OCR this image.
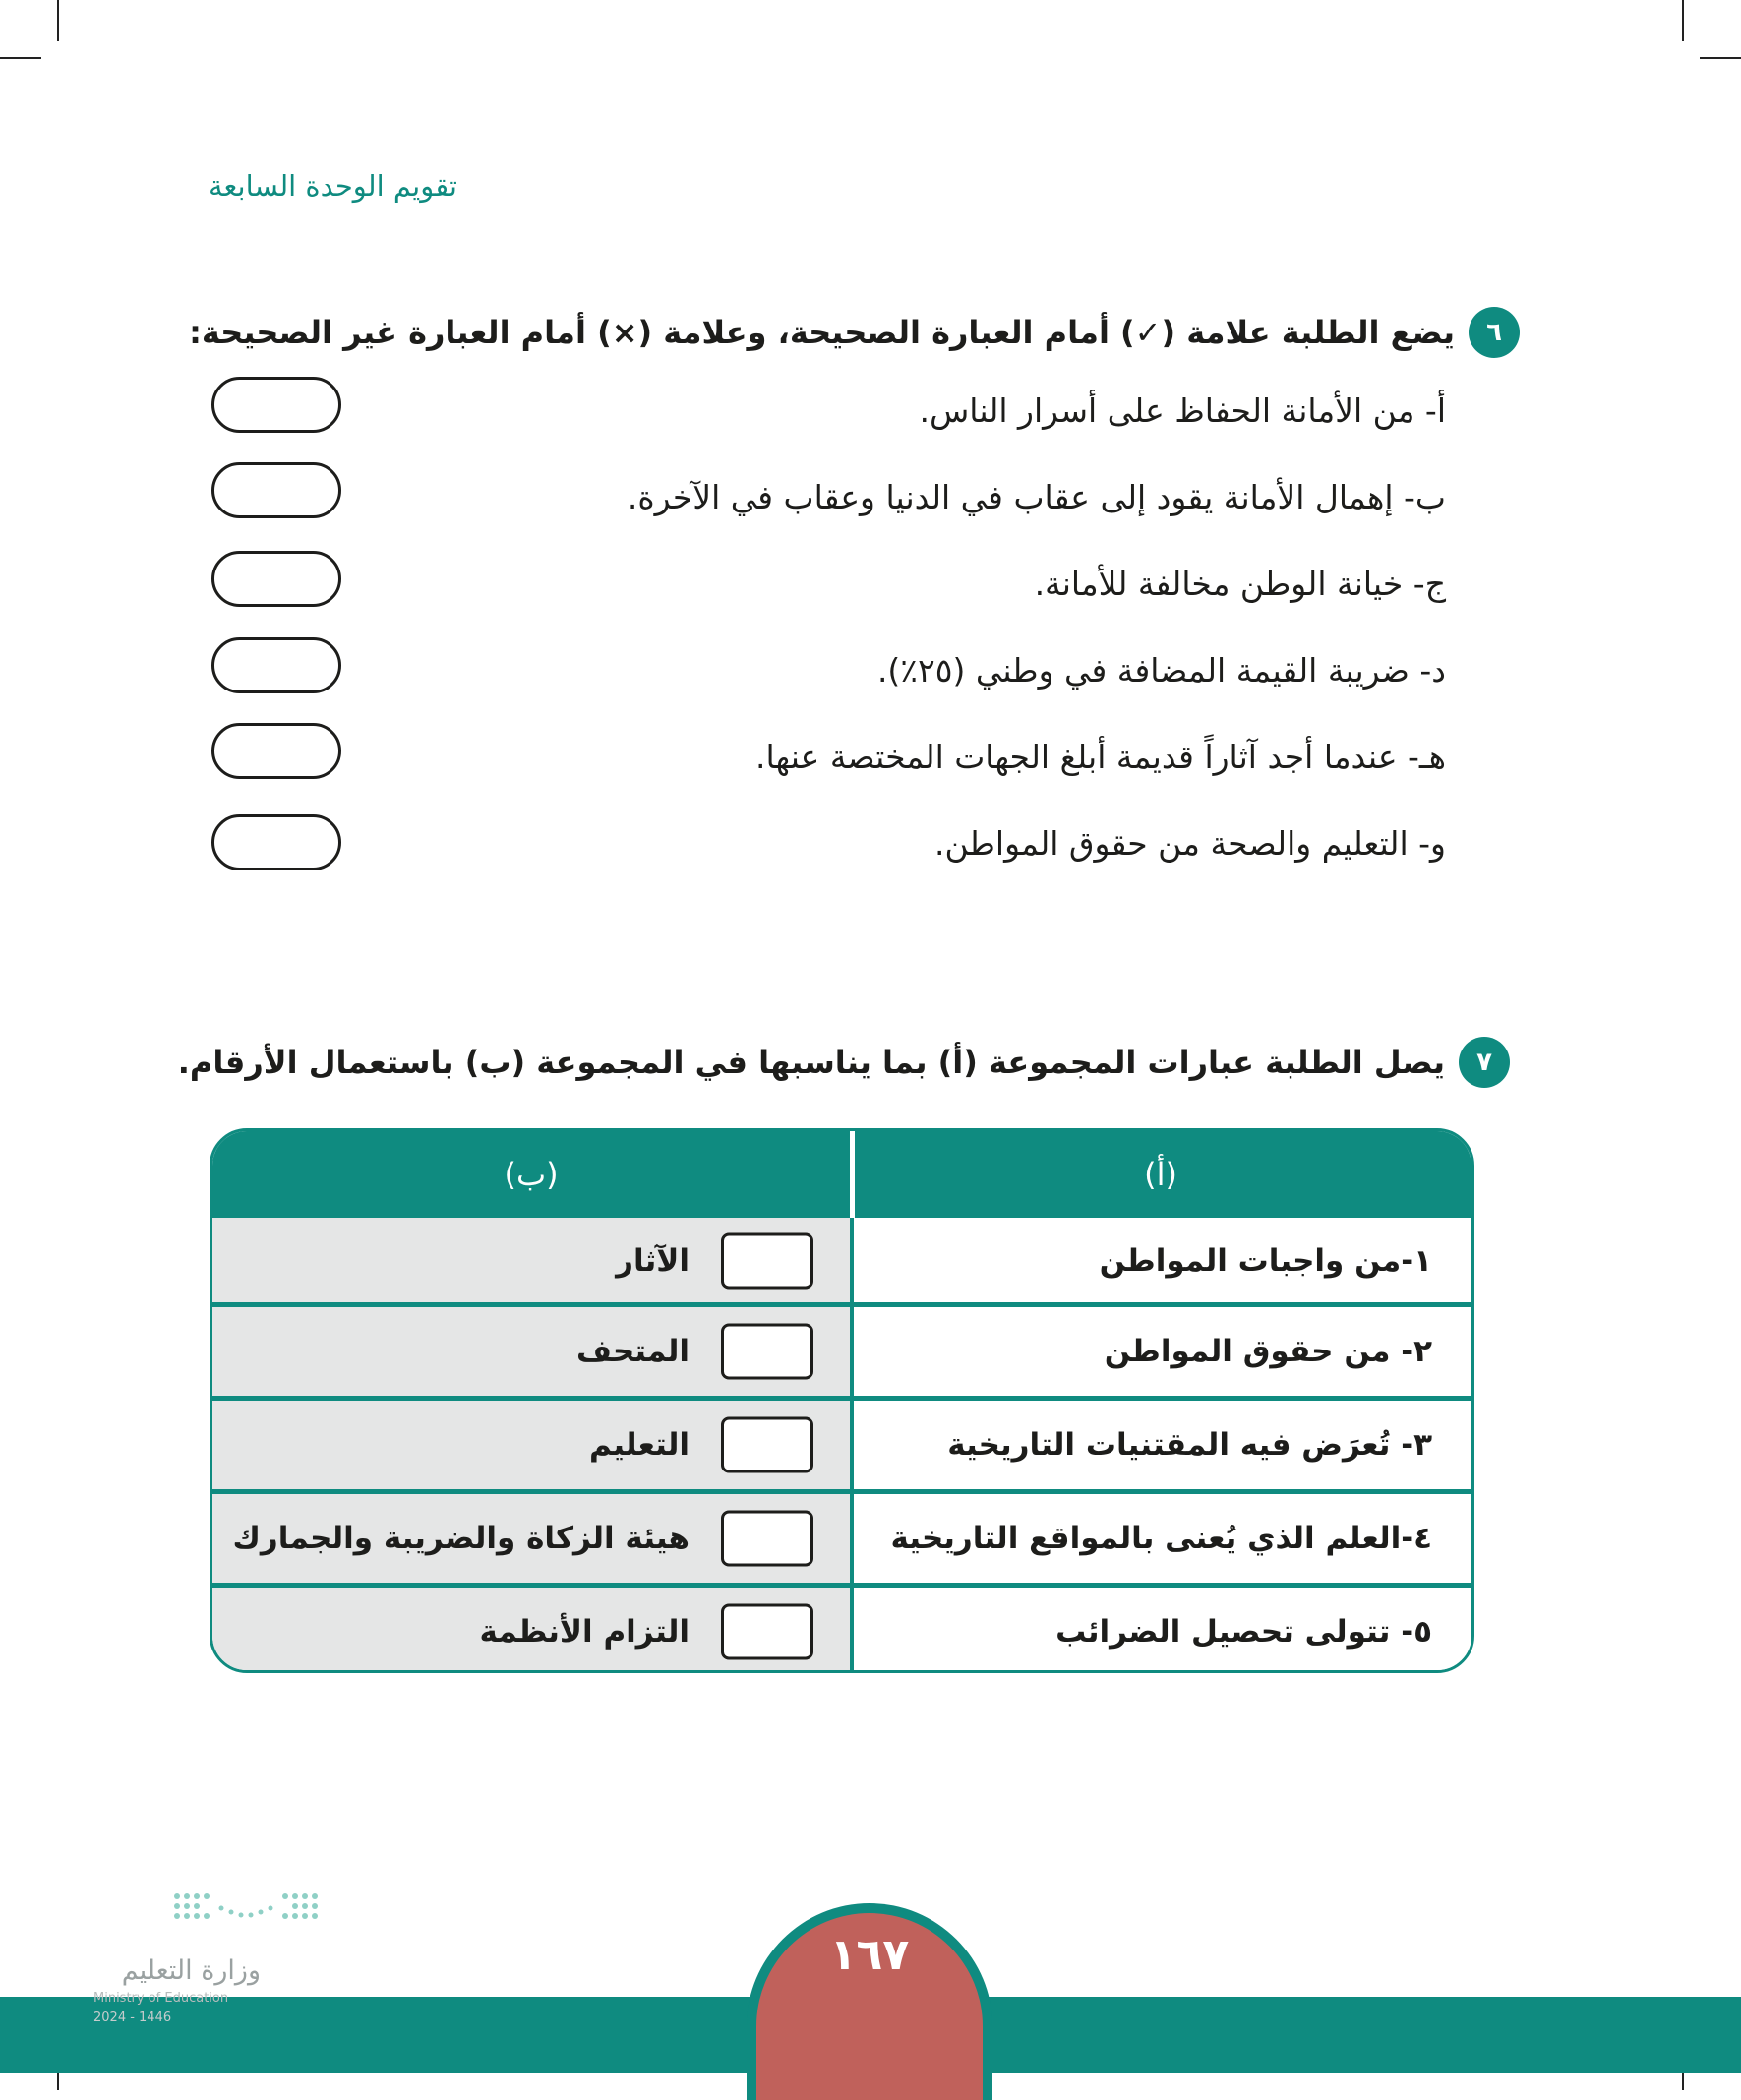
تقويم الوحدة السابعة
٦
يضع الطلبة علامة (✓) أمام العبارة الصحيحة، وعلامة (×) أمام العبارة غير الصحيحة:
أ- من الأمانة الحفاظ على أسرار الناس.
ب- إهمال الأمانة يقود إلى عقاب في الدنيا وعقاب في الآخرة.
ج- خيانة الوطن مخالفة للأمانة.
د- ضريبة القيمة المضافة في وطني (٢٥٪).
هـ- عندما أجد آثاراً قديمة أبلغ الجهات المختصة عنها.
و- التعليم والصحة من حقوق المواطن.
٧
يصل الطلبة عبارات المجموعة (أ) بما يناسبها في المجموعة (ب) باستعمال الأرقام.
(أ)
(ب)
الآثار	١-من واجبات المواطن
المتحف	٢- من حقوق المواطن
التعليم	٣- تُعرَض فيه المقتنيات التاريخية
هيئة الزكاة والضريبة والجمارك	٤-العلم الذي يُعنى بالمواقع التاريخية
التزام الأنظمة	٥- تتولى تحصيل الضرائب
١٦٧
وزارة التعليم
Ministry of Education
2024 - 1446
